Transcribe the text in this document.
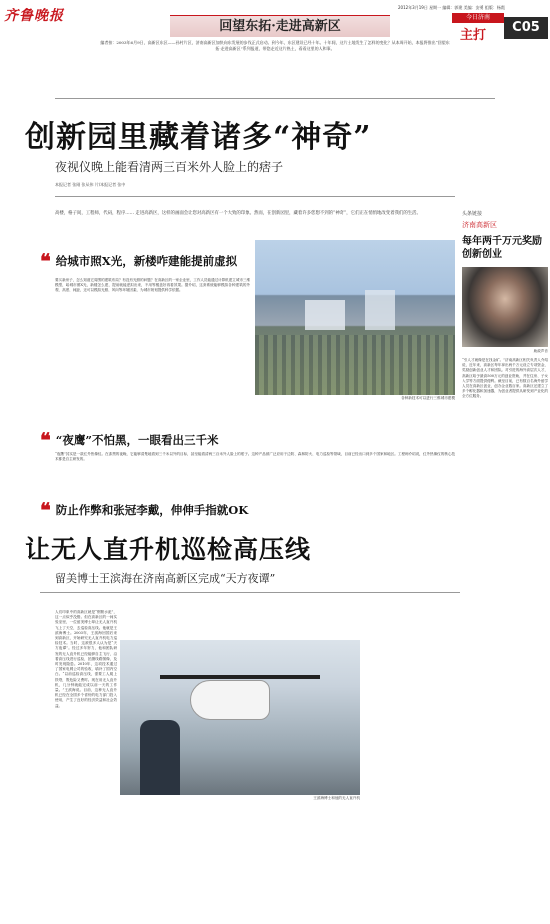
齐鲁晚报
回望东拓·走进高新区
2012年3月19日 星期一 编辑：郭建 美编：安勇 组版：杨霞
今日济南
主打
C05
编者按：2003年6月9日，高新区东区——孙村片区，济南高新区加快向东发展的步伐正式启动。到今年，东区建设已经十年。十年间，这片土地发生了怎样的变化？从本周开始，本报将推出“回望东拓·走进高新区”系列报道，带您走近这片热土，看看这里的人和事。
创新园里藏着诸多“神奇”
夜视仪晚上能看清两三百米外人脸上的痞子
本报记者 张刚 张从伟 片/本报记者 张中
高楼，格子间，工程师，代码，程序…… 走进高新区，这样的画面会让您对高新区有一个大致的印象。然而，在创新园里，藏着许多您想不到的“神奇”，它们正在悄悄地改变着我们的生活。
❝ 给城市照X光，新楼咋建能提前虚拟
要买新房子，怎么知道它周围的建筑布局？有没有光照的问题？在高新区的一家企业里，工作人员能通过计算机建立城市三维模型，给城市照X光，新楼怎么建，提前就能虚拟出来，不用等楼盖好再看效果。据介绍，这套系统能够模拟各种建筑的外观、高度、间距，还可以模拟光照、风向等环境因素，为城市规划提供科学依据。
各种新技术可以进行三维城市建模
❝ “夜鹰”不怕黑，一眼看出三千米
“夜鹰”其实是一款红外热像仪。在漆黑的夜晚，它能够清楚地看到三千米以外的目标，甚至能看清两三百米外人脸上的痞子。这种产品被广泛应用于边防、森林防火、电力巡检等领域，目前已经出口到多个国家和地区。工程师介绍说，红外热像仪的核心技术都是自主研发的。
❝ 防止作弊和张冠李戴，伸伸手指就OK
让无人直升机巡检高压线
留美博士王滨海在济南高新区完成“天方夜谭”
人们印象中的高新区就是“钢筋水泥”，这一点似乎没错。但在高新区的一间实验室里，一位留美博士却让无人直升机飞上了天空，去巡检高压线。他就是王滨海博士。2003年，王滨海回国后来到高新区，开始研究无人直升机电力巡检技术。当时，这被很多人认为是“天方夜谭”。经过多年努力，他和团队研发的无人直升机已经能够自主飞行，沿着高压线进行巡检，拍摄线路图像，及时发现隐患。2010年，这项技术通过了国家电网公司的验收，填补了国内空白。“以前巡检高压线，需要工人爬上铁塔，既危险又费时。现在用无人直升机，几分钟就能完成以前一天的工作量。”王滨海说。目前，这种无人直升机已经在全国多个省份的电力部门投入使用，产生了良好的经济效益和社会效益。
王滨海博士和他的无人直升机
头条链接
济南高新区
每年两千万元奖励创新创业
助政声音
“引人才就像是在找金矿。”济南高新区相关负责人介绍说，近年来，高新区每年拿出两千万元设立专项资金，奖励创新创业人才和团队。对引进的海外高层次人才，高新区给予最高500万元的创业资助，并在住房、子女入学等方面提供便利。截至目前，已有数百名海外留学人员在高新区创业，创办企业数百家。高新区还建立了多个孵化器和加速器，为创业者提供从研发到产业化的全方位服务。
